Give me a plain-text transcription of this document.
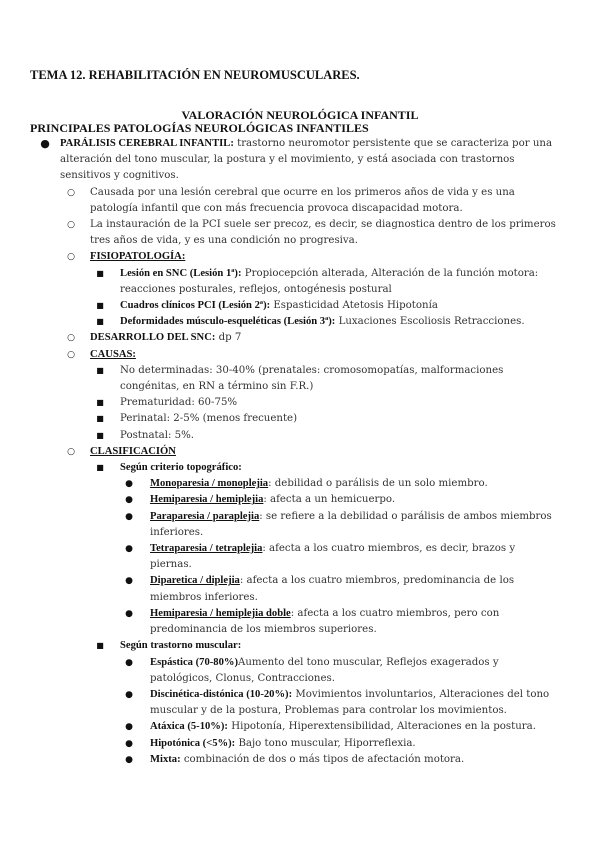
TEMA 12. REHABILITACIÓN EN NEUROMUSCULARES.
VALORACIÓN NEUROLÓGICA INFANTIL
PRINCIPALES PATOLOGÍAS NEUROLÓGICAS INFANTILES
● PARÁLISIS CEREBRAL INFANTIL: trastorno neuromotor persistente que se caracteriza por una alteración del tono muscular, la postura y el movimiento, y está asociada con trastornos sensitivos y cognitivos.
○ Causada por una lesión cerebral que ocurre en los primeros años de vida y es una patología infantil que con más frecuencia provoca discapacidad motora.
○ La instauración de la PCI suele ser precoz, es decir, se diagnostica dentro de los primeros tres años de vida, y es una condición no progresiva.
○ FISIOPATOLOGÍA:
■ Lesión en SNC (Lesión 1ª): Propiocepción alterada, Alteración de la función motora: reacciones posturales, reflejos, ontogénesis postural
■ Cuadros clínicos PCI (Lesión 2ª): Espasticidad Atetosis Hipotonía
■ Deformidades músculo-esqueléticas (Lesión 3ª): Luxaciones Escoliosis Retracciones.
○ DESARROLLO DEL SNC: dp 7
○ CAUSAS:
■ No determinadas: 30-40% (prenatales: cromosomopatías, malformaciones congénitas, en RN a término sin F.R.)
■ Prematuridad: 60-75%
■ Perinatal: 2-5% (menos frecuente)
■ Postnatal: 5%.
○ CLASIFICACIÓN
■ Según criterio topográfico:
● Monoparesia / monoplejia: debilidad o parálisis de un solo miembro.
● Hemiparesia / hemiplejia: afecta a un hemicuerpo.
● Paraparesia / paraplejia: se refiere a la debilidad o parálisis de ambos miembros inferiores.
● Tetraparesia / tetraplejia: afecta a los cuatro miembros, es decir, brazos y piernas.
● Diparetica / diplejia: afecta a los cuatro miembros, predominancia de los miembros inferiores.
● Hemiparesia / hemiplejia doble: afecta a los cuatro miembros, pero con predominancia de los miembros superiores.
■ Según trastorno muscular:
● Espástica (70-80%)Aumento del tono muscular, Reflejos exagerados y patológicos, Clonus, Contracciones.
● Discinética-distónica (10-20%): Movimientos involuntarios, Alteraciones del tono muscular y de la postura, Problemas para controlar los movimientos.
● Atáxica (5-10%): Hipotonía, Hiperextensibilidad, Alteraciones en la postura.
● Hipotónica (<5%): Bajo tono muscular, Hiporreflexia.
● Mixta: combinación de dos o más tipos de afectación motora.
